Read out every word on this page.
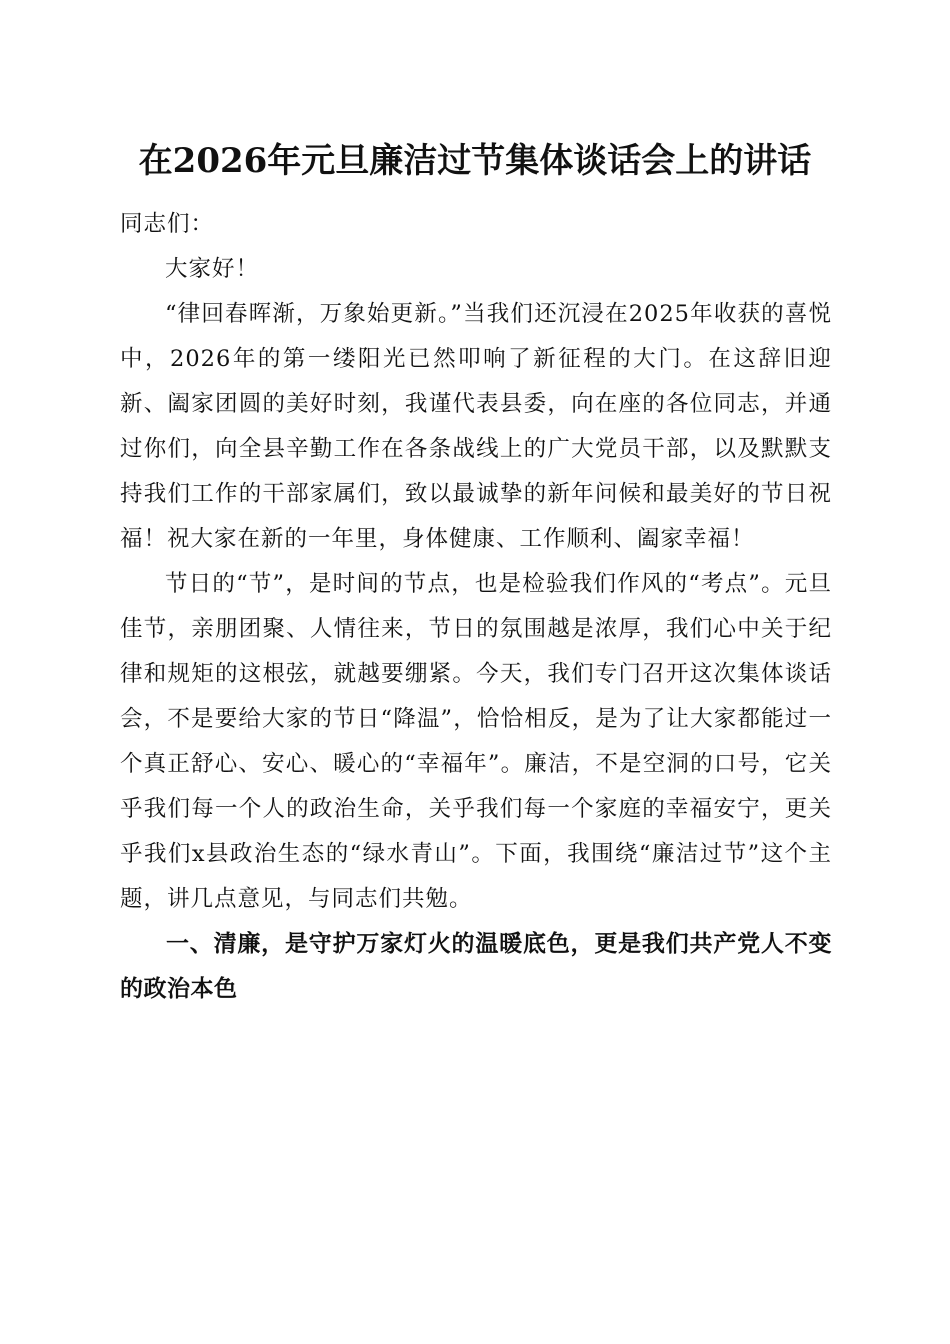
在2026年元旦廉洁过节集体谈话会上的讲话

同志们：

大家好！

“律回春晖渐，万象始更新。”当我们还沉浸在2025年收获的喜悦中，2026年的第一缕阳光已然叩响了新征程的大门。在这辞旧迎新、阖家团圆的美好时刻，我谨代表县委，向在座的各位同志，并通过你们，向全县辛勤工作在各条战线上的广大党员干部，以及默默支持我们工作的干部家属们，致以最诚挚的新年问候和最美好的节日祝福！祝大家在新的一年里，身体健康、工作顺利、阖家幸福！

节日的“节”，是时间的节点，也是检验我们作风的“考点”。元旦佳节，亲朋团聚、人情往来，节日的氛围越是浓厚，我们心中关于纪律和规矩的这根弦，就越要绷紧。今天，我们专门召开这次集体谈话会，不是要给大家的节日“降温”，恰恰相反，是为了让大家都能过一个真正舒心、安心、暖心的“幸福年”。廉洁，不是空洞的口号，它关乎我们每一个人的政治生命，关乎我们每一个家庭的幸福安宁，更关乎我们x县政治生态的“绿水青山”。下面，我围绕“廉洁过节”这个主题，讲几点意见，与同志们共勉。

一、清廉，是守护万家灯火的温暖底色，更是我们共产党人不变的政治本色
